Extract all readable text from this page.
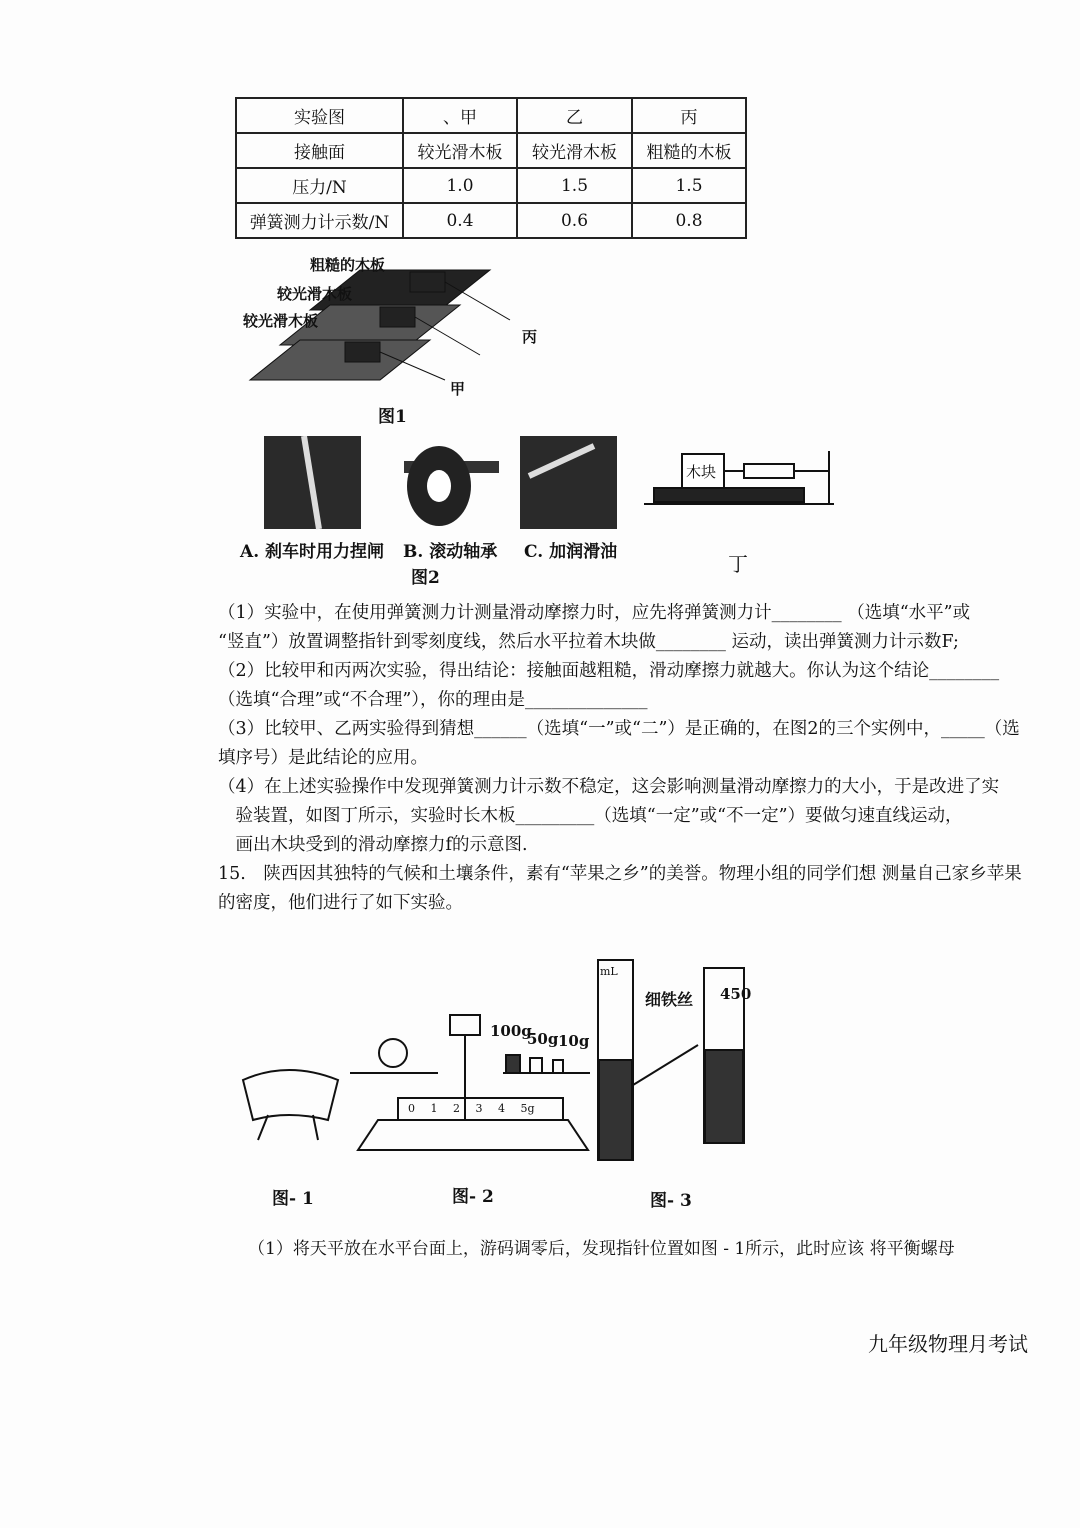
实验图	、甲	乙	丙
接触面	较光滑木板	较光滑木板	粗糙的木板
压力/N	1.0	1.5	1.5
弹簧测力计示数/N	0.4	0.6	0.8
粗糙的木板
较光滑木板
较光滑木板
丙
甲
图1
木块
A. 刹车时用力捏闸 B. 滚动轴承 C. 加润滑油
图2
丁

（1）实验中，在使用弹簧测力计测量滑动摩擦力时，应先将弹簧测力计________ （选填“水平”或

“竖直”）放置调整指针到零刻度线，然后水平拉着木块做________ 运动，读出弹簧测力计示数F;

（2）比较甲和丙两次实验，得出结论：接触面越粗糙，滑动摩擦力就越大。你认为这个结论________

（选填“合理”或“不合理”），你的理由是______________

（3）比较甲、乙两实验得到猜想______（选填“一”或“二”）是正确的，在图2的三个实例中，_____（选

填序号）是此结论的应用。

（4）在上述实验操作中发现弹簧测力计示数不稳定，这会影响测量滑动摩擦力的大小，于是改进了实

　验装置，如图丁所示，实验时长木板_________（选填“一定”或“不一定”）要做匀速直线运动，

　画出木块受到的滑动摩擦力f的示意图.

15.　陕西因其独特的气候和土壤条件，素有“苹果之乡”的美誉。物理小组的同学们想 测量自己家乡苹果

的密度，他们进行了如下实验。

mL
细铁丝 450
100g
50g 10g
0 1 2 3 4 5g
图- 1	图- 2	图- 3
（1）将天平放在水平台面上，游码调零后，发现指针位置如图 - 1所示，此时应该 将平衡螺母
九年级物理月考试
